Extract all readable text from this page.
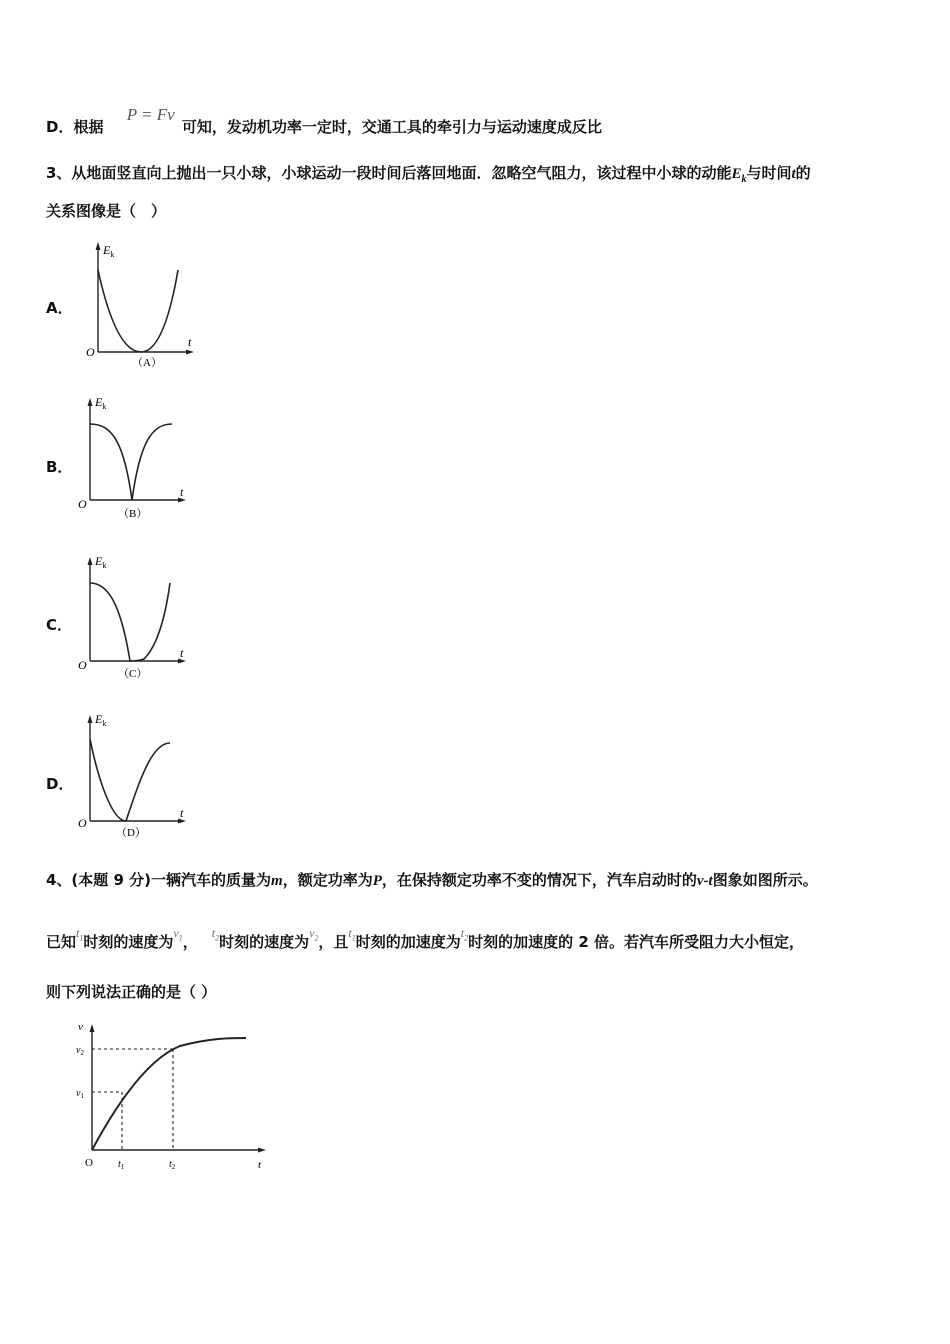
D．根据 P = Fv 可知，发动机功率一定时，交通工具的牵引力与运动速度成反比
3、从地面竖直向上抛出一只小球，小球运动一段时间后落回地面．忽略空气阻力，该过程中小球的动能$E_k$与时间t的
关系图像是（　）
A．
B．
C．
D．
$E_k$
t
O
（A）
$E_k$
t
O
（B）
$E_k$
t
O
（C）
$E_k$
t
O
（D）
4、(本题 9 分)一辆汽车的质量为m，额定功率为P，在保持额定功率不变的情况下，汽车启动时的v-t图象如图所示。
已知$^{t_1}$时刻的速度为$^{v_1}$， $^{t_2}$时刻的速度为$^{v_2}$，且$^{t_1}$时刻的加速度为$^{t_2}$时刻的加速度的 2 倍。若汽车所受阻力大小恒定，
则下列说法正确的是（ ）
v
t
O
$v_1$
$v_2$
$t_1$	$t_2$
